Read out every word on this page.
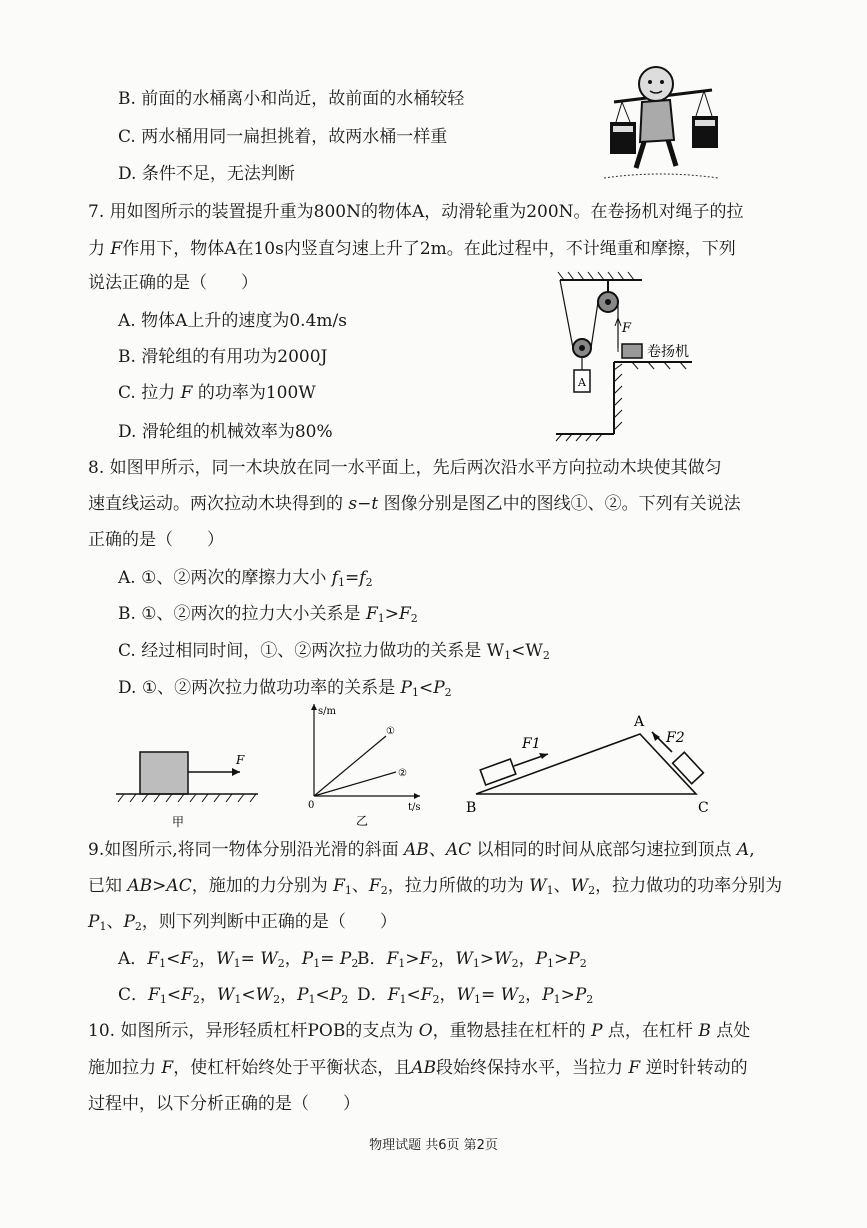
B. 前面的水桶离小和尚近，故前面的水桶较轻
C. 两水桶用同一扁担挑着，故两水桶一样重
D. 条件不足，无法判断
7. 用如图所示的装置提升重为800N的物体A，动滑轮重为200N。在卷扬机对绳子的拉
力 F作用下，物体A在10s内竖直匀速上升了2m。在此过程中，不计绳重和摩擦，下列
说法正确的是（　　）
A. 物体A上升的速度为0.4m/s
B. 滑轮组的有用功为2000J
C. 拉力 F 的功率为100W
D. 滑轮组的机械效率为80%
A
F
卷扬机
8. 如图甲所示，同一木块放在同一水平面上，先后两次沿水平方向拉动木块使其做匀
速直线运动。两次拉动木块得到的 s−t 图像分别是图乙中的图线①、②。下列有关说法
正确的是（　　）
A. ①、②两次的摩擦力大小 $f_1=f_2$
B. ①、②两次的拉力大小关系是 $F_1>F_2$
C. 经过相同时间，①、②两次拉力做功的关系是 $W_1<W_2$
D. ①、②两次拉力做功功率的关系是 $P_1<P_2$
F
甲
s/m
t/s
0
①
②
乙
A
B	C
F1	F2
9.如图所示,将同一物体分别沿光滑的斜面 AB、AC 以相同的时间从底部匀速拉到顶点 A,
已知 AB>AC，施加的力分别为 $F_1$、$F_2$，拉力所做的功为 $W_1$、$W_2$，拉力做功的功率分别为
$P_1$、$P_2$，则下列判断中正确的是（　　）
A．$F_1<F_2$，$W_1= W_2$，$P_1= P_2$
B．$F_1>F_2$，$W_1>W_2$，$P_1>P_2$
C．$F_1<F_2$，$W_1<W_2$，$P_1<P_2$ D．$F_1<F_2$，$W_1= W_2$，$P_1>P_2$
10. 如图所示，异形轻质杠杆POB的支点为 O，重物悬挂在杠杆的 P 点，在杠杆 B 点处
施加拉力 F，使杠杆始终处于平衡状态，且AB段始终保持水平，当拉力 F 逆时针转动的
过程中，以下分析正确的是（　　）
物理试题 共6页 第2页
